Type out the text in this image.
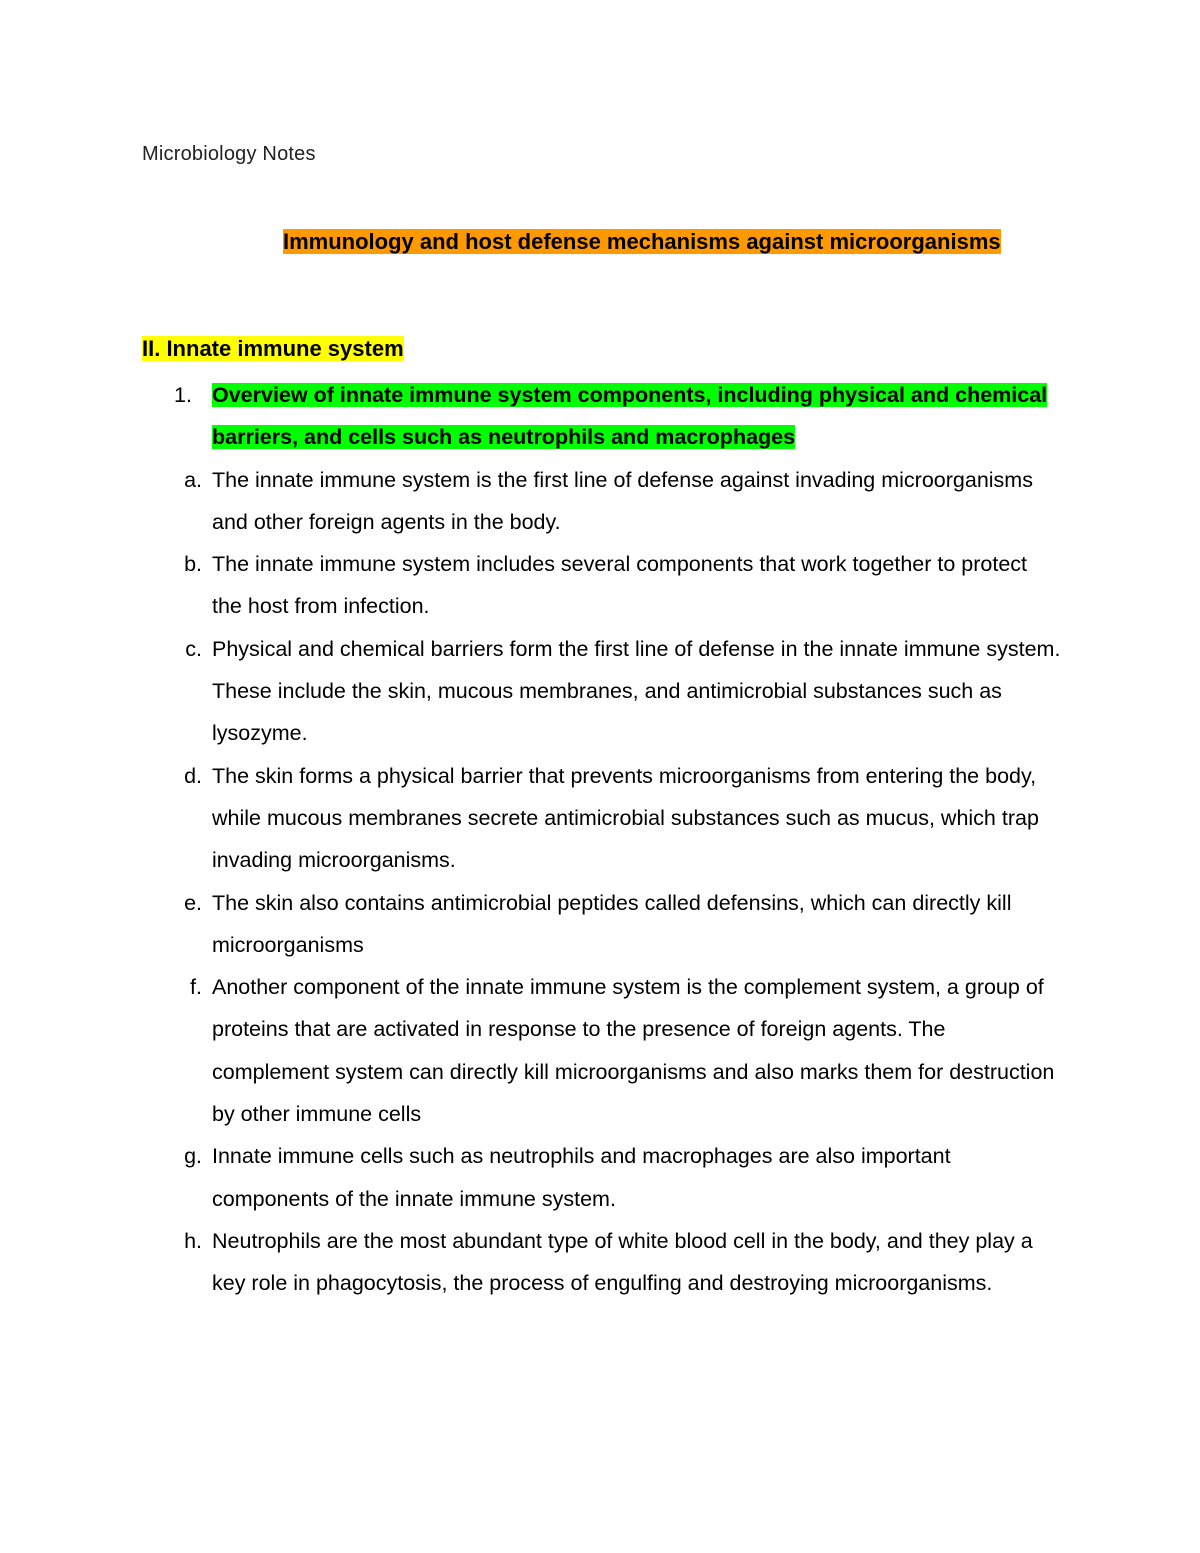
Microbiology Notes
Immunology and host defense mechanisms against microorganisms
II. Innate immune system
1. Overview of innate immune system components, including physical and chemical barriers, and cells such as neutrophils and macrophages
a. The innate immune system is the first line of defense against invading microorganisms and other foreign agents in the body.
b. The innate immune system includes several components that work together to protect the host from infection.
c. Physical and chemical barriers form the first line of defense in the innate immune system. These include the skin, mucous membranes, and antimicrobial substances such as lysozyme.
d. The skin forms a physical barrier that prevents microorganisms from entering the body, while mucous membranes secrete antimicrobial substances such as mucus, which trap invading microorganisms.
e. The skin also contains antimicrobial peptides called defensins, which can directly kill microorganisms
f. Another component of the innate immune system is the complement system, a group of proteins that are activated in response to the presence of foreign agents. The complement system can directly kill microorganisms and also marks them for destruction by other immune cells
g. Innate immune cells such as neutrophils and macrophages are also important components of the innate immune system.
h. Neutrophils are the most abundant type of white blood cell in the body, and they play a key role in phagocytosis, the process of engulfing and destroying microorganisms.
